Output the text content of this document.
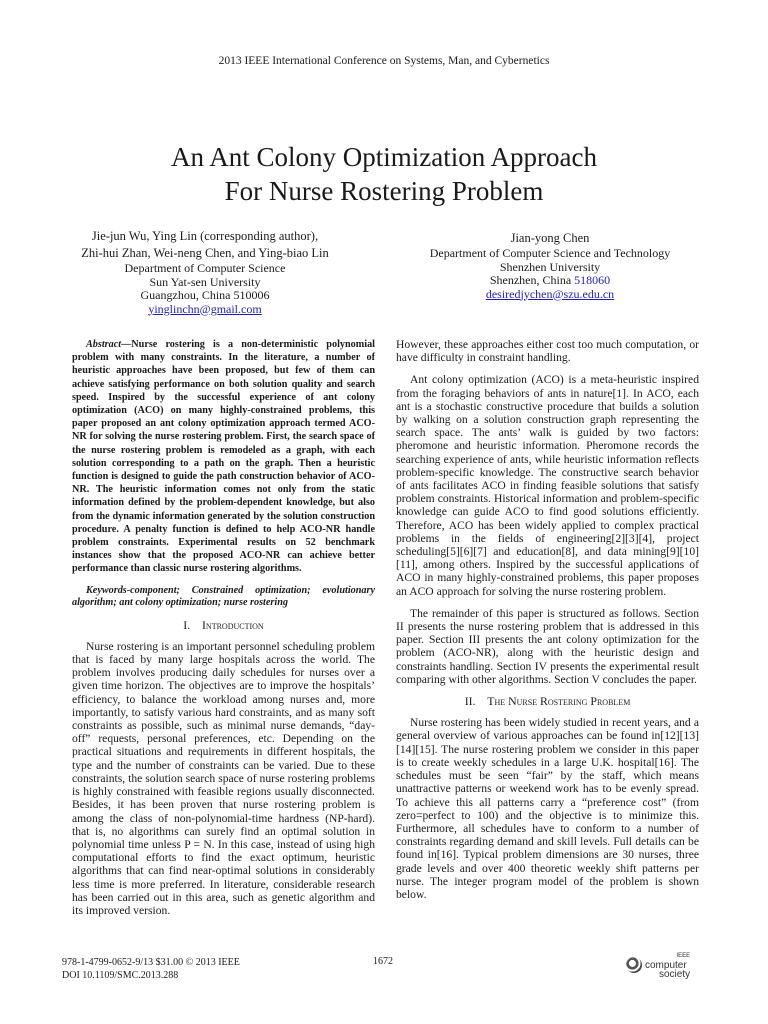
2013 IEEE International Conference on Systems, Man, and Cybernetics
An Ant Colony Optimization Approach
For Nurse Rostering Problem
Jie-jun Wu, Ying Lin (corresponding author),
Zhi-hui Zhan, Wei-neng Chen, and Ying-biao Lin
Department of Computer Science
Sun Yat-sen University
Guangzhou, China 510006
yinglinchn@gmail.com
Jian-yong Chen
Department of Computer Science and Technology
Shenzhen University
Shenzhen, China 518060
desiredjychen@szu.edu.cn

Abstract—Nurse rostering is a non-deterministic polynomial problem with many constraints. In the literature, a number of heuristic approaches have been proposed, but few of them can achieve satisfying performance on both solution quality and search speed. Inspired by the successful experience of ant colony optimization (ACO) on many highly-constrained problems, this paper proposed an ant colony optimization approach termed ACO-NR for solving the nurse rostering problem. First, the search space of the nurse rostering problem is remodeled as a graph, with each solution corresponding to a path on the graph. Then a heuristic function is designed to guide the path construction behavior of ACO-NR. The heuristic information comes not only from the static information defined by the problem-dependent knowledge, but also from the dynamic information generated by the solution construction procedure. A penalty function is defined to help ACO-NR handle problem constraints. Experimental results on 52 benchmark instances show that the proposed ACO-NR can achieve better performance than classic nurse rostering algorithms.

Keywords-component; Constrained optimization; evolutionary algorithm; ant colony optimization; nurse rostering

I. Introduction

Nurse rostering is an important personnel scheduling problem that is faced by many large hospitals across the world. The problem involves producing daily schedules for nurses over a given time horizon. The objectives are to improve the hospitals’ efficiency, to balance the workload among nurses and, more importantly, to satisfy various hard constraints, and as many soft constraints as possible, such as minimal nurse demands, “day-off” requests, personal preferences, etc. Depending on the practical situations and requirements in different hospitals, the type and the number of constraints can be varied. Due to these constraints, the solution search space of nurse rostering problems is highly constrained with feasible regions usually disconnected. Besides, it has been proven that nurse rostering problem is among the class of non-polynomial-time hardness (NP-hard). that is, no algorithms can surely find an optimal solution in polynomial time unless P = N. In this case, instead of using high computational efforts to find the exact optimum, heuristic algorithms that can find near-optimal solutions in considerably less time is more preferred. In literature, considerable research has been carried out in this area, such as genetic algorithm and its improved version.

However, these approaches either cost too much computation, or have difficulty in constraint handling.

Ant colony optimization (ACO) is a meta-heuristic inspired from the foraging behaviors of ants in nature[1]. In ACO, each ant is a stochastic constructive procedure that builds a solution by walking on a solution construction graph representing the search space. The ants’ walk is guided by two factors: pheromone and heuristic information. Pheromone records the searching experience of ants, while heuristic information reflects problem-specific knowledge. The constructive search behavior of ants facilitates ACO in finding feasible solutions that satisfy problem constraints. Historical information and problem-specific knowledge can guide ACO to find good solutions efficiently. Therefore, ACO has been widely applied to complex practical problems in the fields of engineering[2][3][4], project scheduling[5][6][7] and education[8], and data mining[9][10][11], among others. Inspired by the successful applications of ACO in many highly-constrained problems, this paper proposes an ACO approach for solving the nurse rostering problem.

The remainder of this paper is structured as follows. Section II presents the nurse rostering problem that is addressed in this paper. Section III presents the ant colony optimization for the problem (ACO-NR), along with the heuristic design and constraints handling. Section IV presents the experimental result comparing with other algorithms. Section V concludes the paper.

II. The Nurse Rostering Problem

Nurse rostering has been widely studied in recent years, and a general overview of various approaches can be found in[12][13][14][15]. The nurse rostering problem we consider in this paper is to create weekly schedules in a large U.K. hospital[16]. The schedules must be seen “fair” by the staff, which means unattractive patterns or weekend work has to be evenly spread. To achieve this all patterns carry a “preference cost” (from zero=perfect to 100) and the objective is to minimize this. Furthermore, all schedules have to conform to a number of constraints regarding demand and skill levels. Full details can be found in[16]. Typical problem dimensions are 30 nurses, three grade levels and over 400 theoretic weekly shift patterns per nurse. The integer program model of the problem is shown below.

978-1-4799-0652-9/13 $31.00 © 2013 IEEE
DOI 10.1109/SMC.2013.288
1672
IEEE
computer
society
